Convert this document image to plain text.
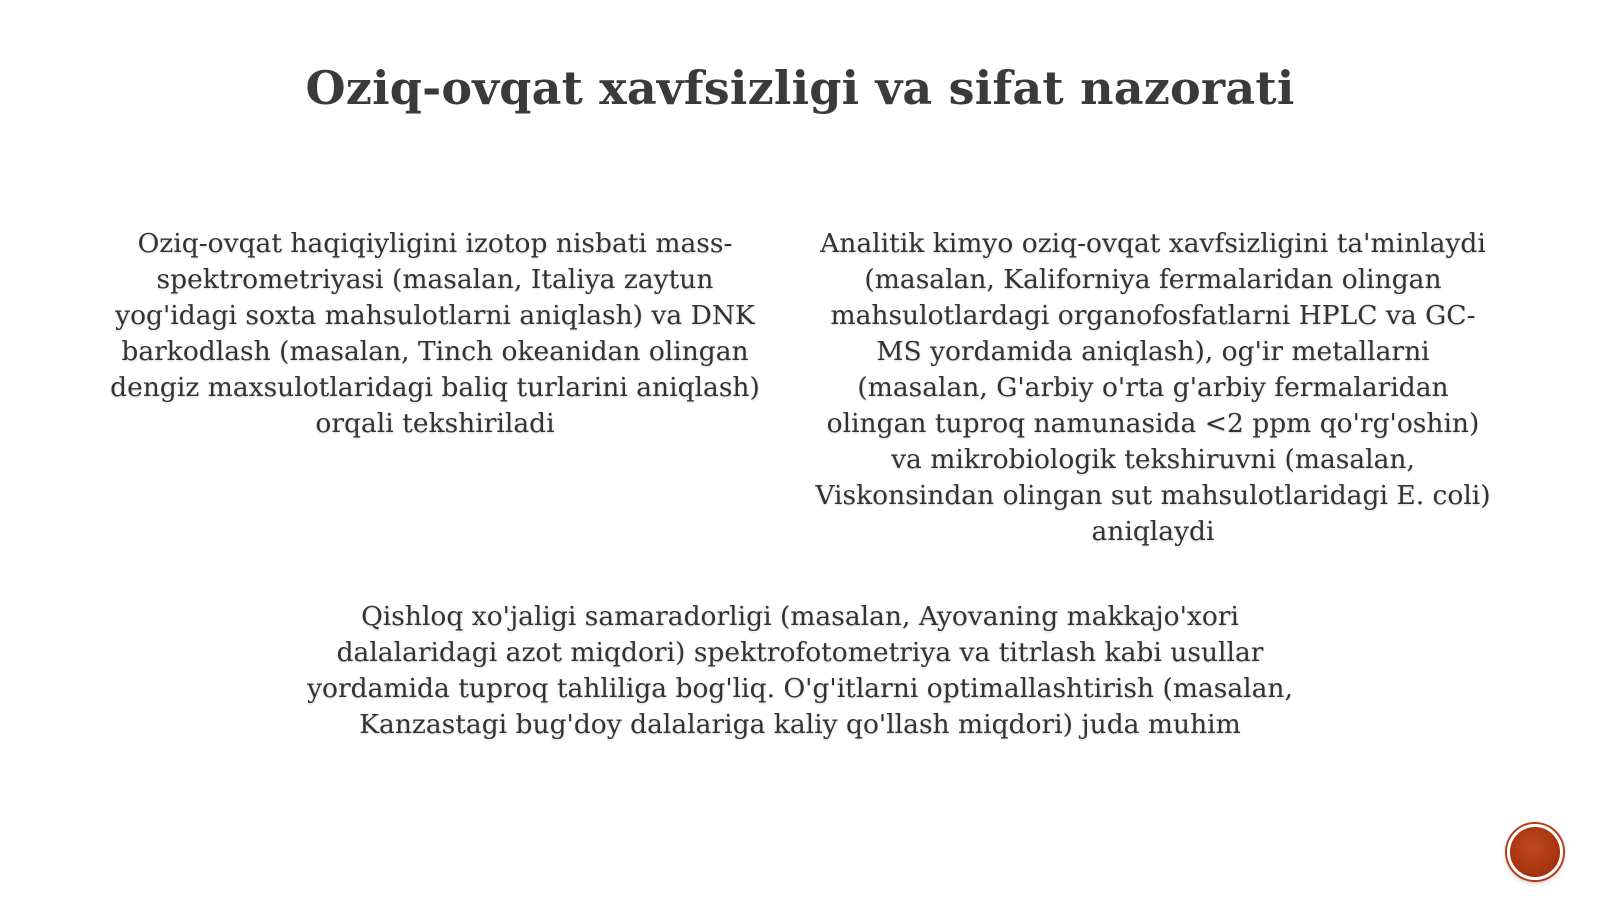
Oziq-ovqat xavfsizligi va sifat nazorati
Oziq-ovqat haqiqiyligini izotop nisbati mass-spektrometriyasi (masalan, Italiya zaytun yog'idagi soxta mahsulotlarni aniqlash) va DNK barkodlash (masalan, Tinch okeanidan olingan dengiz maxsulotlaridagi baliq turlarini aniqlash) orqali tekshiriladi
Analitik kimyo oziq-ovqat xavfsizligini ta'minlaydi (masalan, Kaliforniya fermalaridan olingan mahsulotlardagi organofosfatlarni HPLC va GC-MS yordamida aniqlash), og'ir metallarni (masalan, G'arbiy o'rta g'arbiy fermalaridan olingan tuproq namunasida <2 ppm qo'rg'oshin) va mikrobiologik tekshiruvni (masalan, Viskonsindan olingan sut mahsulotlaridagi E. coli) aniqlaydi
Qishloq xo'jaligi samaradorligi (masalan, Ayovaning makkajo'xori dalalaridagi azot miqdori) spektrofotometriya va titrlash kabi usullar yordamida tuproq tahliliga bog'liq. O'g'itlarni optimallashtirish (masalan, Kanzastagi bug'doy dalalariga kaliy qo'llash miqdori) juda muhim
